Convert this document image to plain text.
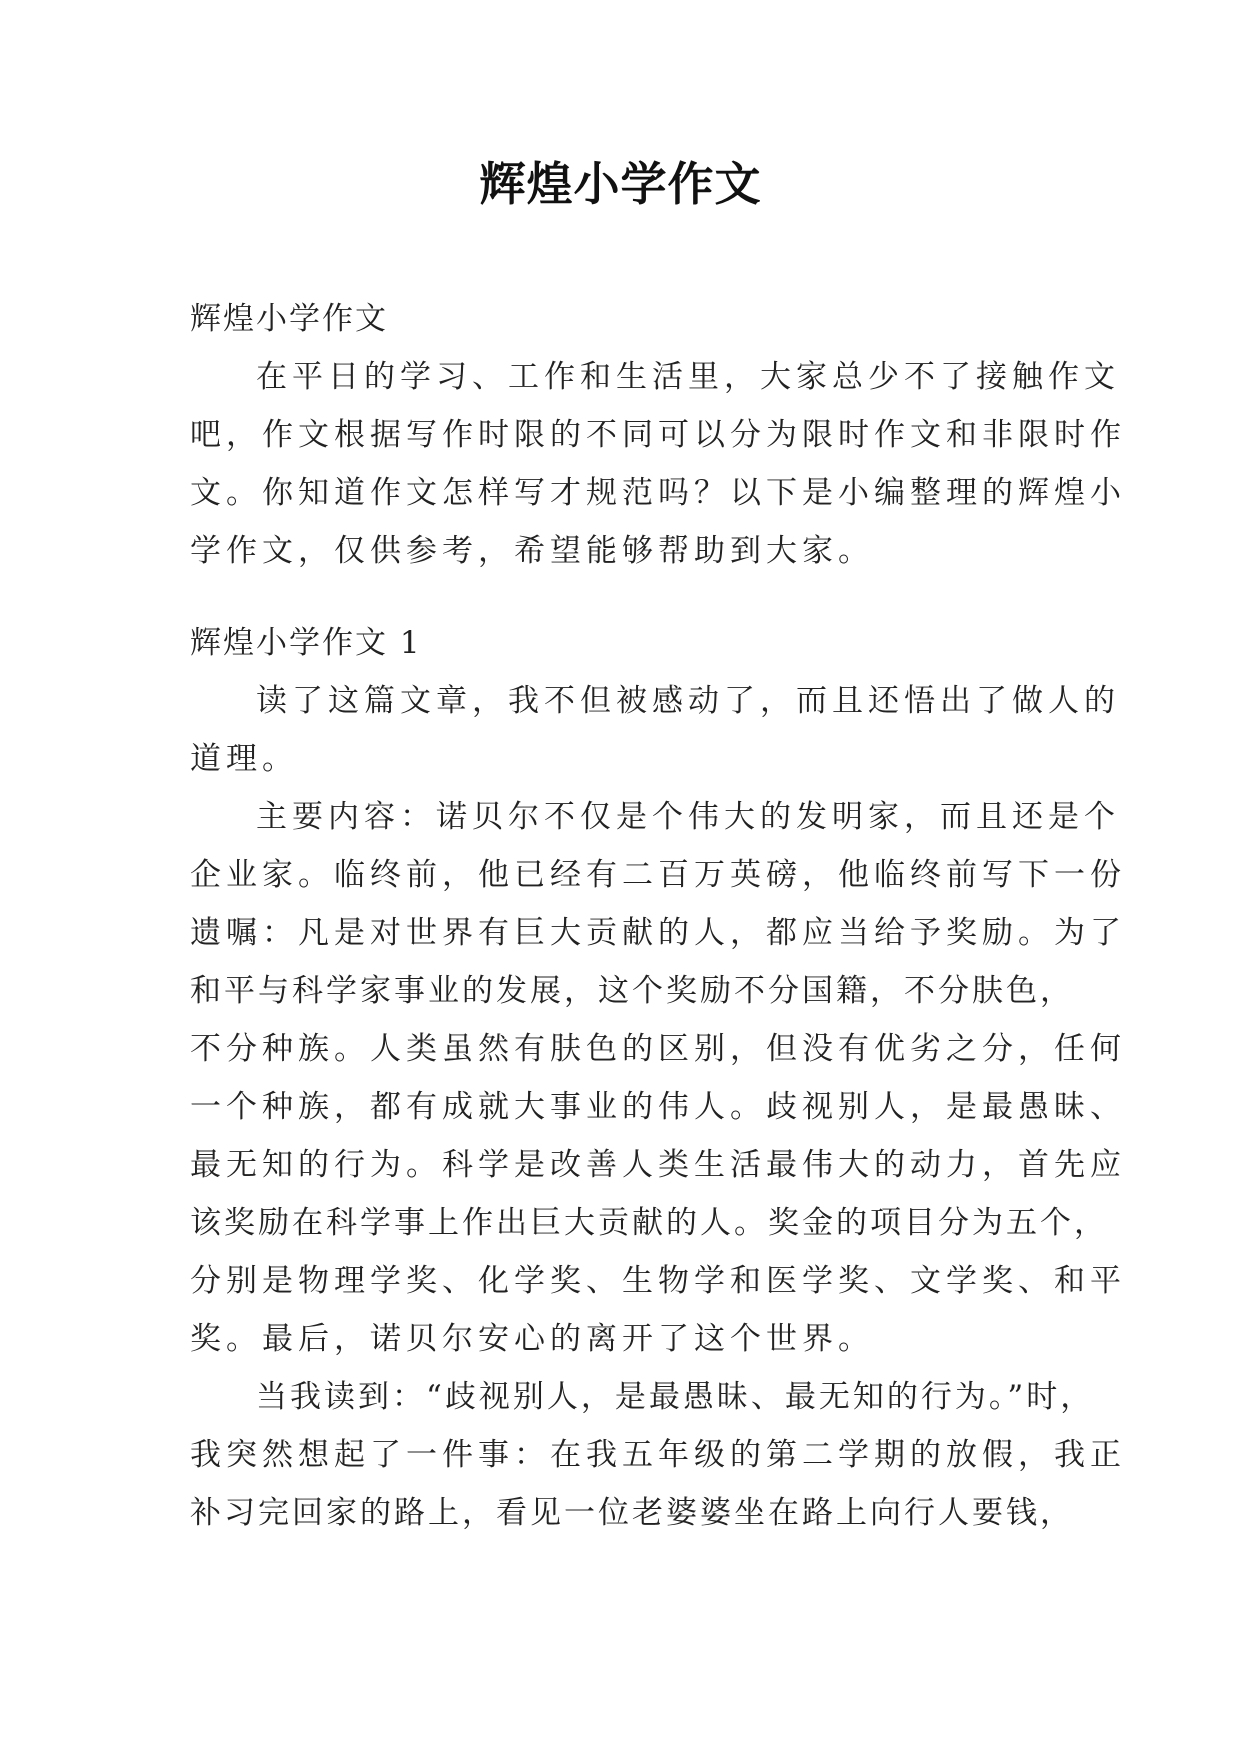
辉煌小学作文
辉煌小学作文
在平日的学习、工作和生活里，大家总少不了接触作文
吧，作文根据写作时限的不同可以分为限时作文和非限时作
文。你知道作文怎样写才规范吗？以下是小编整理的辉煌小
学作文，仅供参考，希望能够帮助到大家。
辉煌小学作文 1
读了这篇文章，我不但被感动了，而且还悟出了做人的
道理。
主要内容：诺贝尔不仅是个伟大的发明家，而且还是个
企业家。临终前，他已经有二百万英磅，他临终前写下一份
遗嘱：凡是对世界有巨大贡献的人，都应当给予奖励。为了
和平与科学家事业的发展，这个奖励不分国籍，不分肤色，
不分种族。人类虽然有肤色的区别，但没有优劣之分，任何
一个种族，都有成就大事业的伟人。歧视别人，是最愚昧、
最无知的行为。科学是改善人类生活最伟大的动力，首先应
该奖励在科学事上作出巨大贡献的人。奖金的项目分为五个，
分别是物理学奖、化学奖、生物学和医学奖、文学奖、和平
奖。最后，诺贝尔安心的离开了这个世界。
当我读到：“歧视别人，是最愚昧、最无知的行为。”时，
我突然想起了一件事：在我五年级的第二学期的放假，我正
补习完回家的路上，看见一位老婆婆坐在路上向行人要钱，
